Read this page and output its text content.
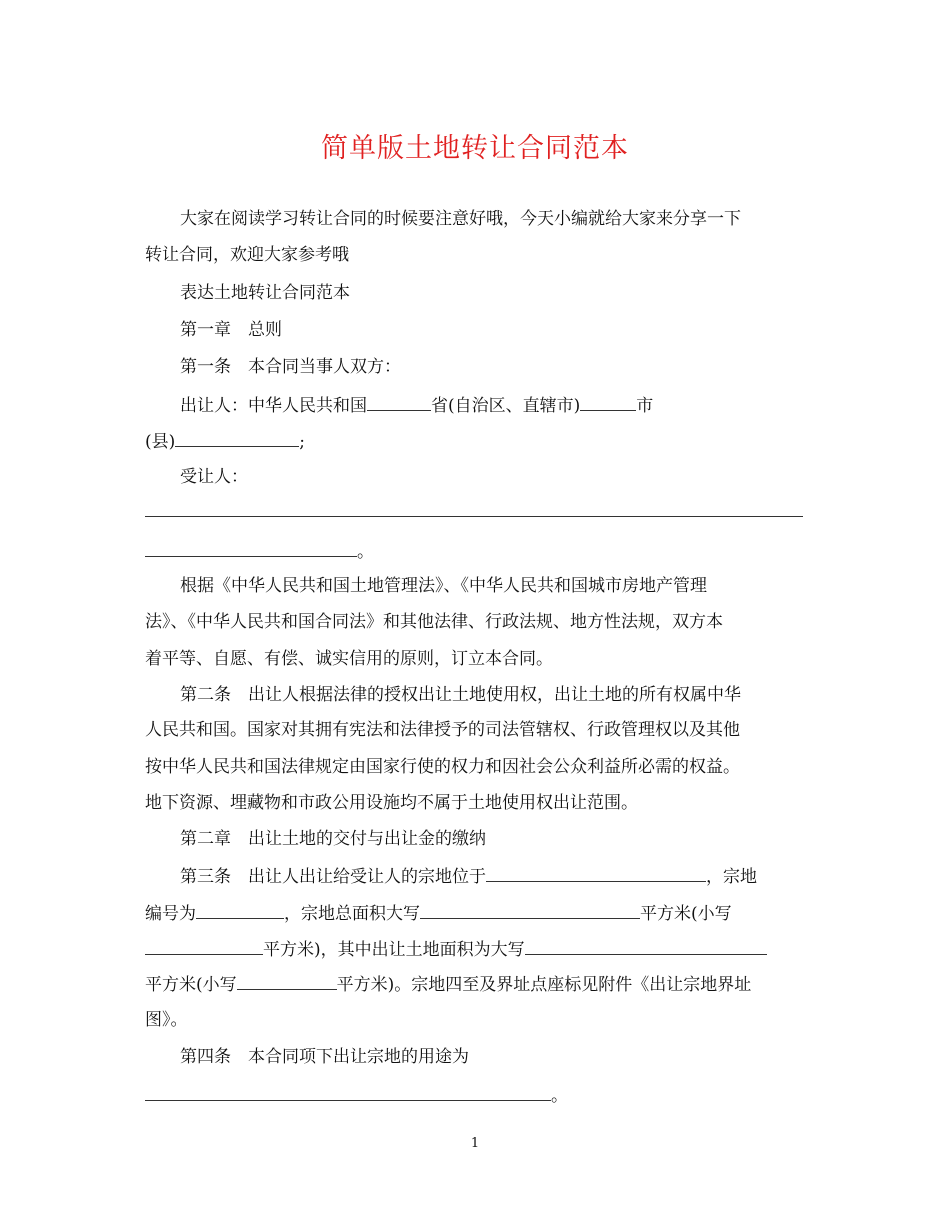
简单版土地转让合同范本
大家在阅读学习转让合同的时候要注意好哦，今天小编就给大家来分享一下
转让合同，欢迎大家参考哦
表达土地转让合同范本
第一章　总则
第一条　本合同当事人双方：
出让人：中华人民共和国	省(自治区、直辖市)	市
(县)	;
受让人：
。
根据《中华人民共和国土地管理法》、《中华人民共和国城市房地产管理
法》、《中华人民共和国合同法》和其他法律、行政法规、地方性法规，双方本
着平等、自愿、有偿、诚实信用的原则，订立本合同。
第二条　出让人根据法律的授权出让土地使用权，出让土地的所有权属中华
人民共和国。国家对其拥有宪法和法律授予的司法管辖权、行政管理权以及其他
按中华人民共和国法律规定由国家行使的权力和因社会公众利益所必需的权益。
地下资源、埋藏物和市政公用设施均不属于土地使用权出让范围。
第二章　出让土地的交付与出让金的缴纳
第三条　出让人出让给受让人的宗地位于	，宗地
编号为	，宗地总面积大写	平方米(小写
平方米)，其中出让土地面积为大写
平方米(小写	平方米)。宗地四至及界址点座标见附件《出让宗地界址
图》。
第四条　本合同项下出让宗地的用途为
。
1
